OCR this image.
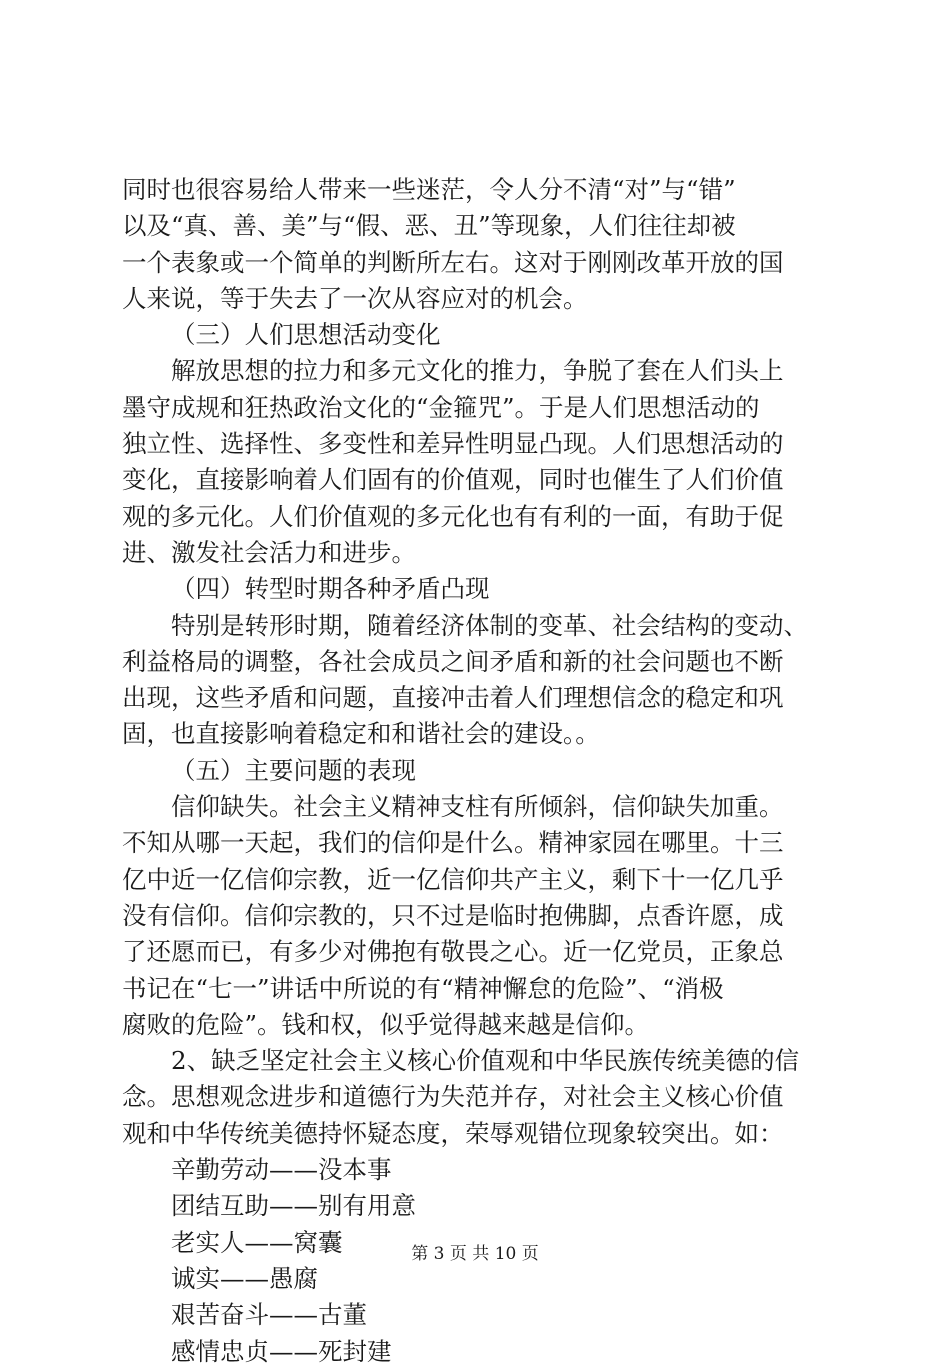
同时也很容易给人带来一些迷茫，令人分不清“对”与“错”
以及“真、善、美”与“假、恶、丑”等现象，人们往往却被
一个表象或一个简单的判断所左右。这对于刚刚改革开放的国
人来说，等于失去了一次从容应对的机会。
（三）人们思想活动变化
解放思想的拉力和多元文化的推力，争脱了套在人们头上
墨守成规和狂热政治文化的“金箍咒”。于是人们思想活动的
独立性、选择性、多变性和差异性明显凸现。人们思想活动的
变化，直接影响着人们固有的价值观，同时也催生了人们价值
观的多元化。人们价值观的多元化也有有利的一面，有助于促
进、激发社会活力和进步。
（四）转型时期各种矛盾凸现
特别是转形时期，随着经济体制的变革、社会结构的变动、
利益格局的调整，各社会成员之间矛盾和新的社会问题也不断
出现，这些矛盾和问题，直接冲击着人们理想信念的稳定和巩
固，也直接影响着稳定和和谐社会的建设。。
（五）主要问题的表现
信仰缺失。社会主义精神支柱有所倾斜，信仰缺失加重。
不知从哪一天起，我们的信仰是什么。精神家园在哪里。十三
亿中近一亿信仰宗教，近一亿信仰共产主义，剩下十一亿几乎
没有信仰。信仰宗教的，只不过是临时抱佛脚，点香许愿，成
了还愿而已，有多少对佛抱有敬畏之心。近一亿党员，正象总
书记在“七一”讲话中所说的有“精神懈怠的危险”、“消极
腐败的危险”。钱和权，似乎觉得越来越是信仰。
2、缺乏坚定社会主义核心价值观和中华民族传统美德的信
念。思想观念进步和道德行为失范并存，对社会主义核心价值
观和中华传统美德持怀疑态度，荣辱观错位现象较突出。如：
辛勤劳动——没本事
团结互助——别有用意
老实人——窝囊
诚实——愚腐
艰苦奋斗——古董
感情忠贞——死封建
第 3 页 共 10 页
